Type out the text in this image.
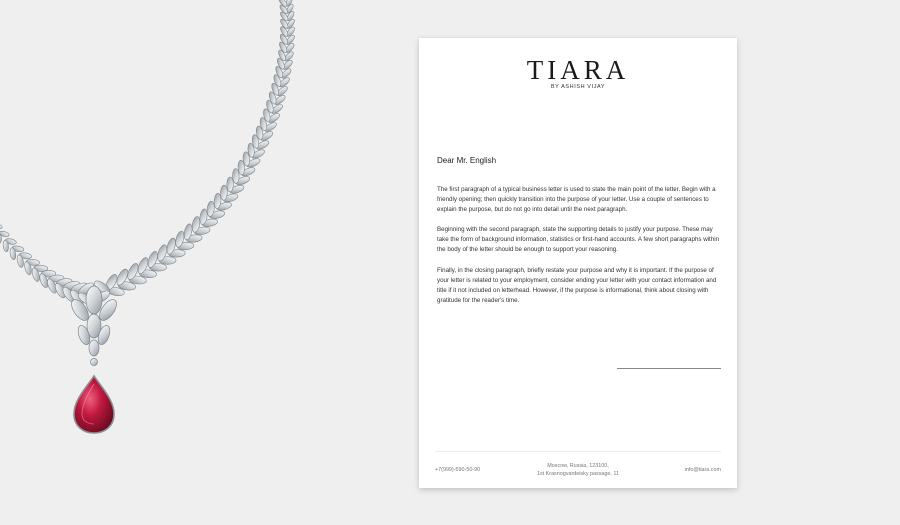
TIARA
BY ASHISH VIJAY
Dear Mr. English

The first paragraph of a typical business letter is used to state the main point of the letter. Begin with a friendly opening; then quickly transition into the purpose of your letter. Use a couple of sentences to explain the purpose, but do not go into detail until the next paragraph.

Beginning with the second paragraph, state the supporting details to justify your purpose. These may take the form of background information, statistics or first-hand accounts. A few short paragraphs within the body of the letter should be enough to support your reasoning.

Finally, in the closing paragraph, briefly restate your purpose and why it is important. If the purpose of your letter is related to your employment, consider ending your letter with your contact information and title if it not included on letterhead. However, if the purpose is informational, think about closing with gratitude for the reader's time.

+7(999)-590-50-90
Moscow, Russia, 123100,
1st Krasnogvardeisky passage, 11
info@tiara.com
